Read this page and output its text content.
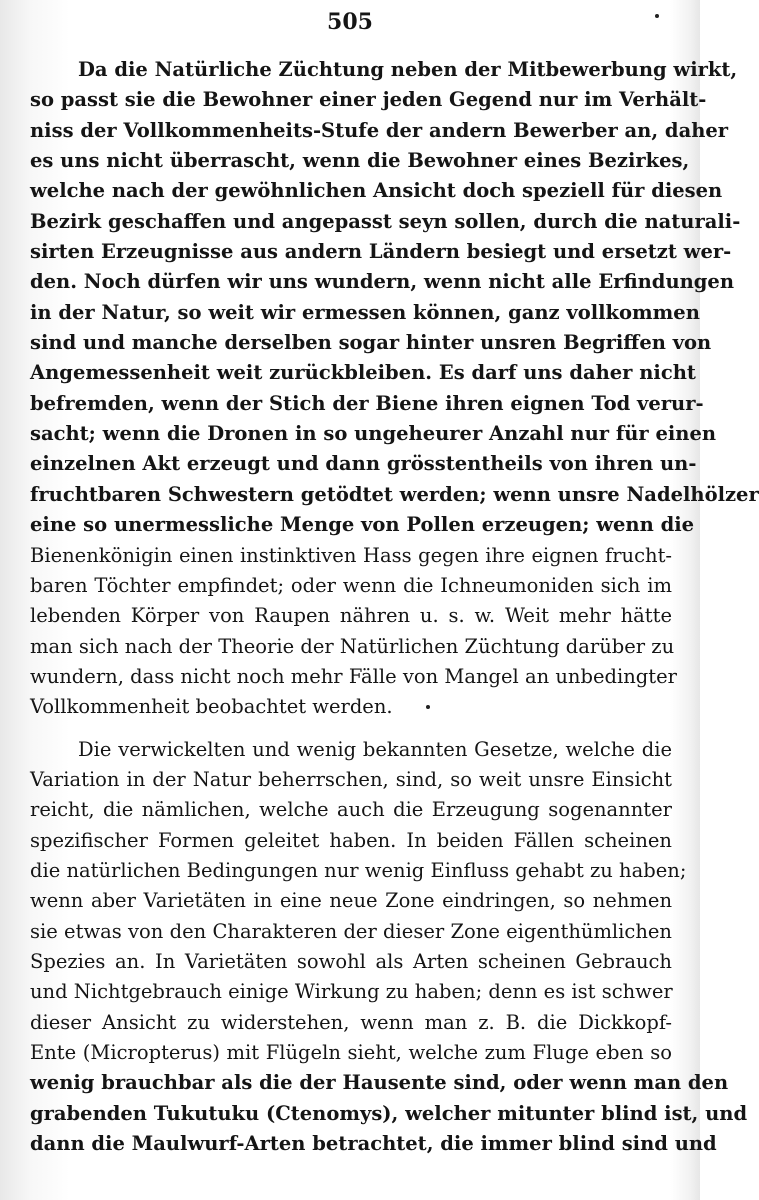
505
Da die Natürliche Züchtung neben der Mitbewerbung wirkt,
so passt sie die Bewohner einer jeden Gegend nur im Verhält-
niss der Vollkommenheits-Stufe der andern Bewerber an, daher
es uns nicht überrascht, wenn die Bewohner eines Bezirkes,
welche nach der gewöhnlichen Ansicht doch speziell für diesen
Bezirk geschaffen und angepasst seyn sollen, durch die naturali-
sirten Erzeugnisse aus andern Ländern besiegt und ersetzt wer-
den. Noch dürfen wir uns wundern, wenn nicht alle Erfindungen
in der Natur, so weit wir ermessen können, ganz vollkommen
sind und manche derselben sogar hinter unsren Begriffen von
Angemessenheit weit zurückbleiben. Es darf uns daher nicht
befremden, wenn der Stich der Biene ihren eignen Tod verur-
sacht; wenn die Dronen in so ungeheurer Anzahl nur für einen
einzelnen Akt erzeugt und dann grösstentheils von ihren un-
fruchtbaren Schwestern getödtet werden; wenn unsre Nadelhölzer
eine so unermessliche Menge von Pollen erzeugen; wenn die
Bienenkönigin einen instinktiven Hass gegen ihre eignen frucht-
baren Töchter empfindet; oder wenn die Ichneumoniden sich im
lebenden Körper von Raupen nähren u. s. w. Weit mehr hätte
man sich nach der Theorie der Natürlichen Züchtung darüber zu
wundern, dass nicht noch mehr Fälle von Mangel an unbedingter
Vollkommenheit beobachtet werden.
Die verwickelten und wenig bekannten Gesetze, welche die
Variation in der Natur beherrschen, sind, so weit unsre Einsicht
reicht, die nämlichen, welche auch die Erzeugung sogenannter
spezifischer Formen geleitet haben. In beiden Fällen scheinen
die natürlichen Bedingungen nur wenig Einfluss gehabt zu haben;
wenn aber Varietäten in eine neue Zone eindringen, so nehmen
sie etwas von den Charakteren der dieser Zone eigenthümlichen
Spezies an. In Varietäten sowohl als Arten scheinen Gebrauch
und Nichtgebrauch einige Wirkung zu haben; denn es ist schwer
dieser Ansicht zu widerstehen, wenn man z. B. die Dickkopf-
Ente (Micropterus) mit Flügeln sieht, welche zum Fluge eben so
wenig brauchbar als die der Hausente sind, oder wenn man den
grabenden Tukutuku (Ctenomys), welcher mitunter blind ist, und
dann die Maulwurf-Arten betrachtet, die immer blind sind und
